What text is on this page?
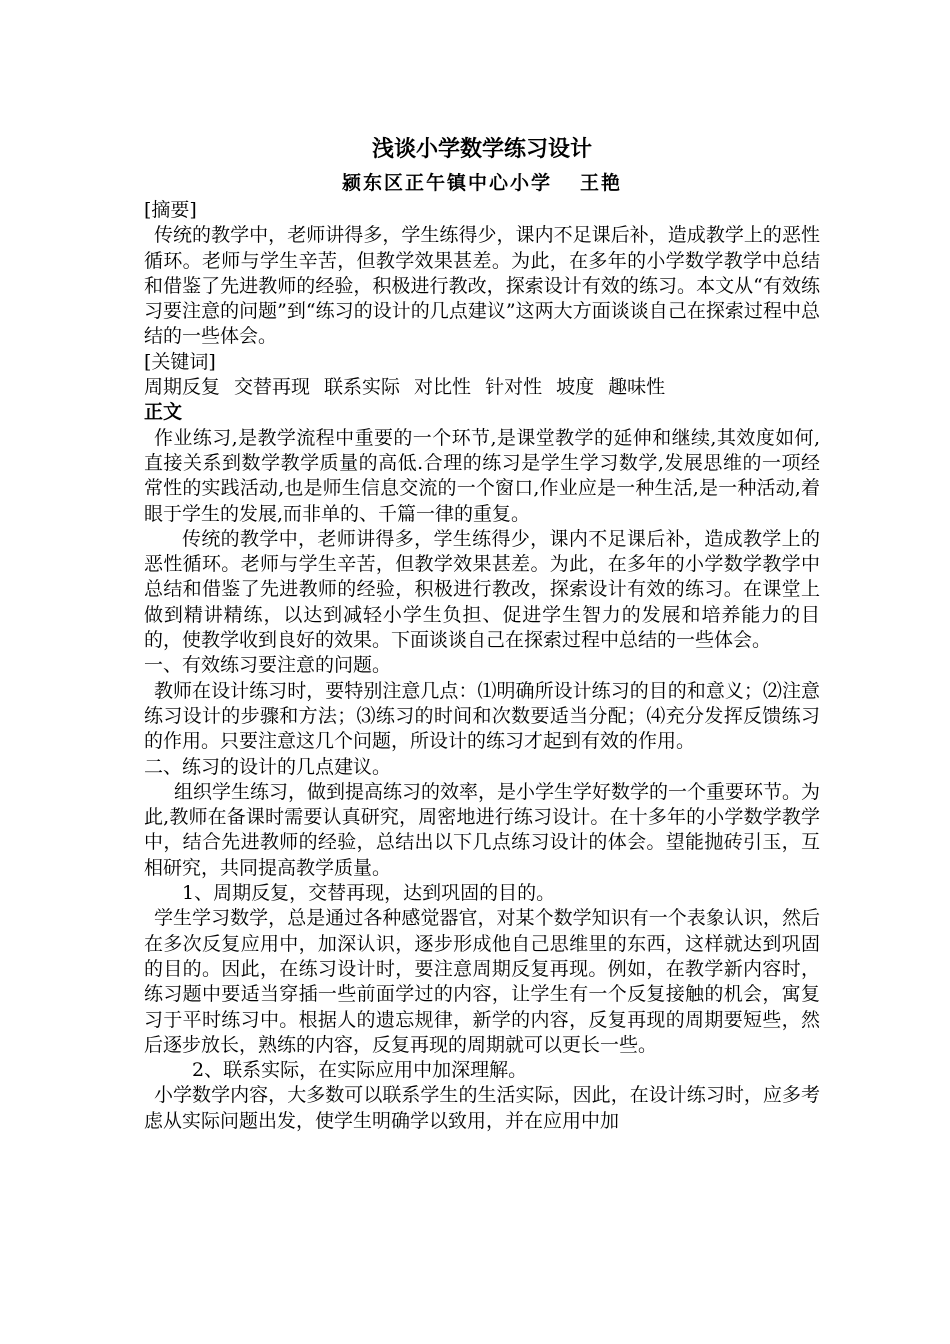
浅谈小学数学练习设计
颍东区正午镇中心小学 王艳
[摘要]

传统的教学中，老师讲得多，学生练得少，课内不足课后补，造成教学上的恶性循环。老师与学生辛苦，但教学效果甚差。为此，在多年的小学数学教学中总结和借鉴了先进教师的经验，积极进行教改，探索设计有效的练习。本文从“有效练习要注意的问题”到“练习的设计的几点建议”这两大方面谈谈自己在探索过程中总结的一些体会。

[关键词]
周期反复 交替再现 联系实际 对比性 针对性 坡度 趣味性
正文

作业练习,是教学流程中重要的一个环节,是课堂教学的延伸和继续,其效度如何,直接关系到数学教学质量的高低.合理的练习是学生学习数学,发展思维的一项经常性的实践活动,也是师生信息交流的一个窗口,作业应是一种生活,是一种活动,着眼于学生的发展,而非单的、千篇一律的重复。

传统的教学中，老师讲得多，学生练得少，课内不足课后补，造成教学上的恶性循环。老师与学生辛苦，但教学效果甚差。为此，在多年的小学数学教学中总结和借鉴了先进教师的经验，积极进行教改，探索设计有效的练习。在课堂上做到精讲精练，以达到减轻小学生负担、促进学生智力的发展和培养能力的目的，使教学收到良好的效果。下面谈谈自己在探索过程中总结的一些体会。

一、有效练习要注意的问题。

教师在设计练习时，要特别注意几点：⑴明确所设计练习的目的和意义；⑵注意练习设计的步骤和方法；⑶练习的时间和次数要适当分配；⑷充分发挥反馈练习的作用。只要注意这几个问题，所设计的练习才起到有效的作用。

二、练习的设计的几点建议。

组织学生练习，做到提高练习的效率，是小学生学好数学的一个重要环节。为此,教师在备课时需要认真研究，周密地进行练习设计。在十多年的小学数学教学中，结合先进教师的经验，总结出以下几点练习设计的体会。望能抛砖引玉，互相研究，共同提高教学质量。

1、周期反复，交替再现，达到巩固的目的。

学生学习数学，总是通过各种感觉器官，对某个数学知识有一个表象认识，然后在多次反复应用中，加深认识，逐步形成他自己思维里的东西，这样就达到巩固的目的。因此，在练习设计时，要注意周期反复再现。例如，在教学新内容时，练习题中要适当穿插一些前面学过的内容，让学生有一个反复接触的机会，寓复习于平时练习中。根据人的遗忘规律，新学的内容，反复再现的周期要短些，然后逐步放长，熟练的内容，反复再现的周期就可以更长一些。

2、联系实际，在实际应用中加深理解。

小学数学内容，大多数可以联系学生的生活实际，因此，在设计练习时，应多考虑从实际问题出发，使学生明确学以致用，并在应用中加
